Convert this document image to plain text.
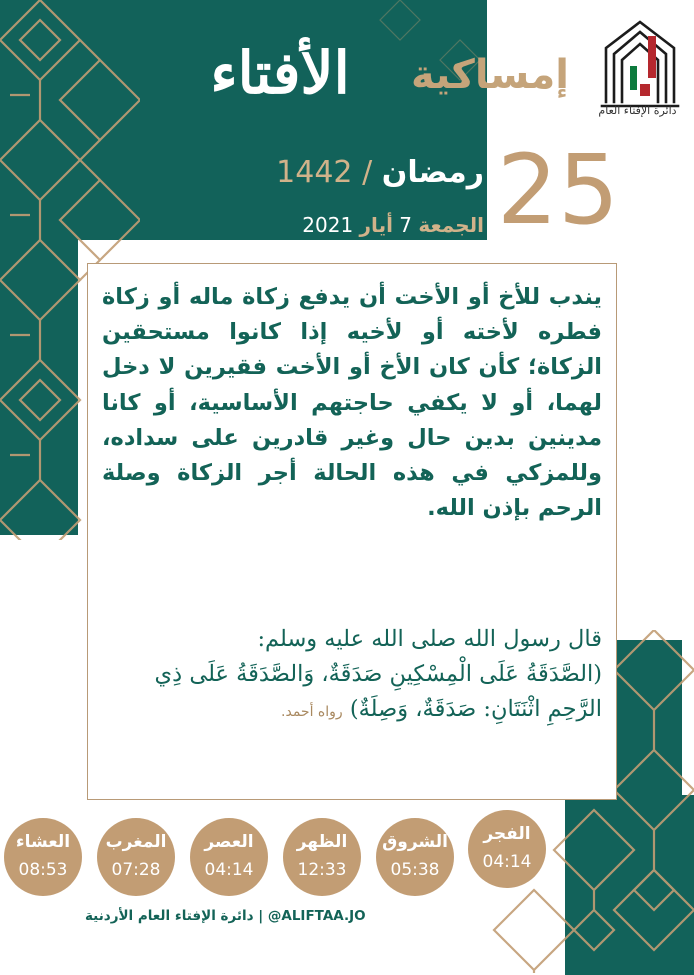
دائرة الإفتاء العام
إمساكية
الأفتاء
25
رمضان / 1442
الجمعة 7 أيار 2021

يندب للأخ أو الأخت أن يدفع زكاة ماله أو زكاة فطره لأخته أو لأخيه إذا كانوا مستحقين الزكاة؛ كأن كان الأخ أو الأخت فقيرين لا دخل لهما، أو لا يكفي حاجتهم الأساسية، أو كانا مدينين بدين حال وغير قادرين على سداده، وللمزكي في هذه الحالة أجر الزكاة وصلة الرحم بإذن الله.

قال رسول الله صلى الله عليه وسلم:
(الصَّدَقَةُ عَلَى الْمِسْكِينِ صَدَقَةٌ، وَالصَّدَقَةُ عَلَى ذِي الرَّحِمِ اثْنَتَانِ: صَدَقَةٌ، وَصِلَةٌ) رواه أحمد.
الفجر
04:14
الشروق
05:38
الظهر
12:33
العصر
04:14
المغرب
07:28
العشاء
08:53
دائرة الإفتاء العام الأردنية | @ALIFTAA.JO
